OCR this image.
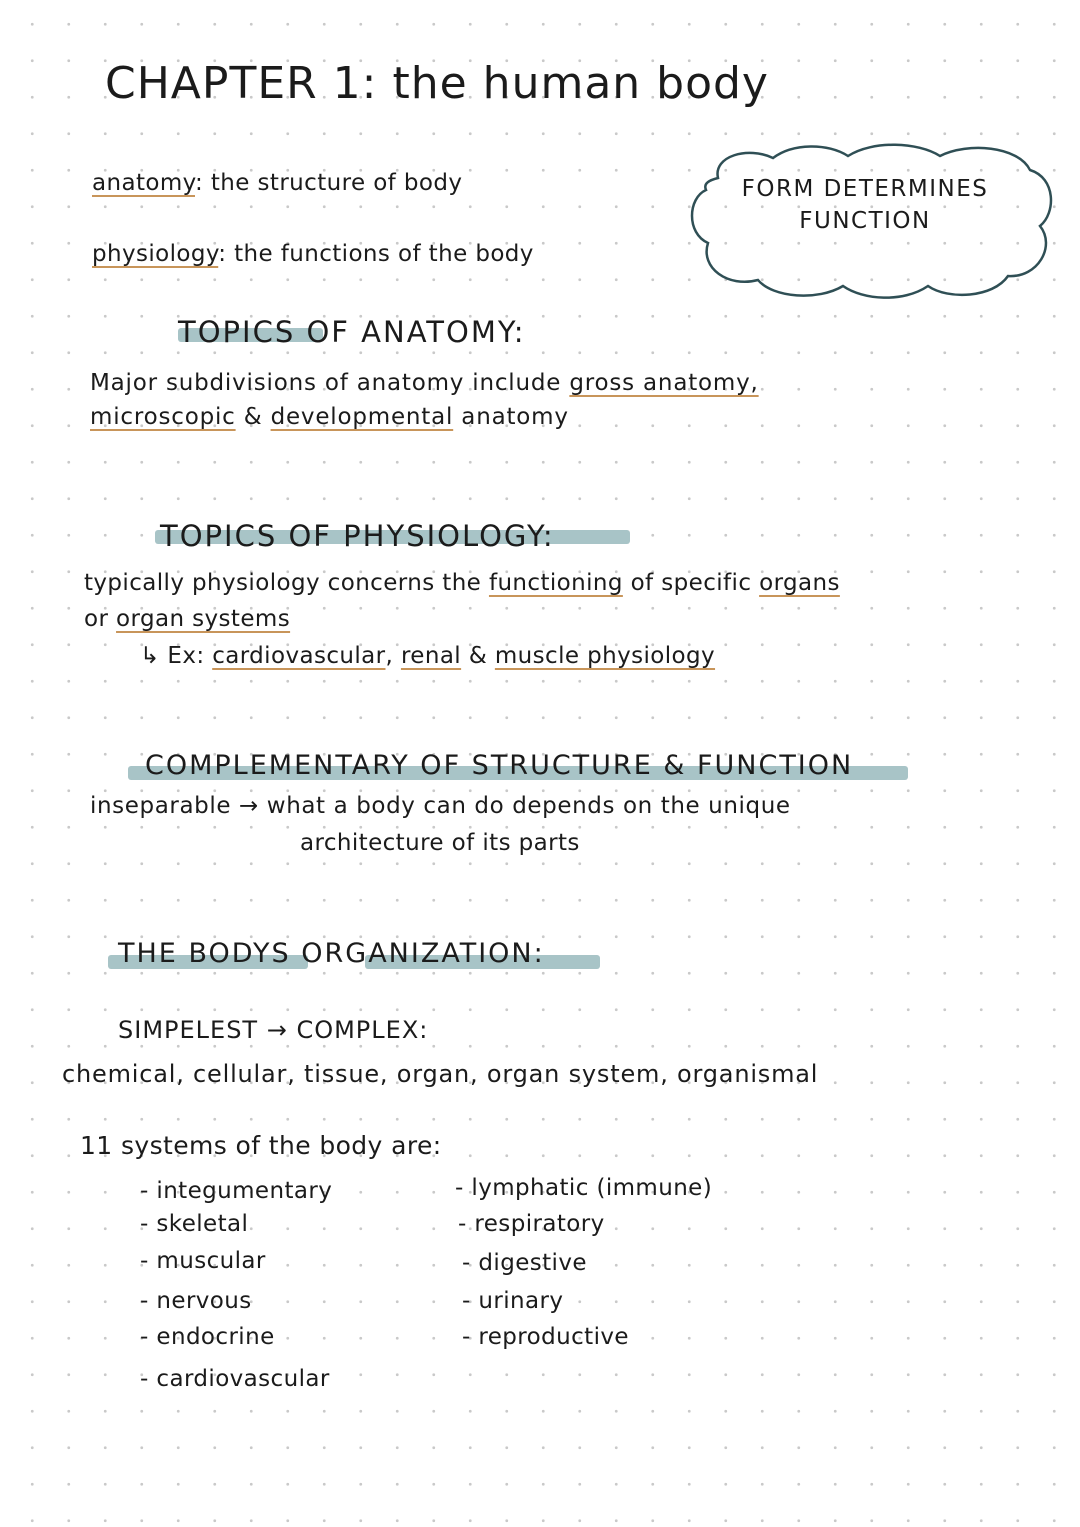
CHAPTER 1: the human body
anatomy: the structure of body
physiology: the functions of the body
FORM DETERMINES
FUNCTION
TOPICS OF ANATOMY:
Major subdivisions of anatomy include gross anatomy,
microscopic & developmental anatomy
TOPICS OF PHYSIOLOGY:
typically physiology concerns the functioning of specific organs
or organ systems
↳ Ex: cardiovascular, renal & muscle physiology
COMPLEMENTARY OF STRUCTURE & FUNCTION
inseparable → what a body can do depends on the unique
architecture of its parts
THE BODYS ORGANIZATION:
SIMPELEST → COMPLEX:
chemical, cellular, tissue, organ, organ system, organismal
11 systems of the body are:
- integumentary
- skeletal
- muscular
- nervous
- endocrine
- cardiovascular
- lymphatic (immune)
- respiratory
- digestive
- urinary
- reproductive
